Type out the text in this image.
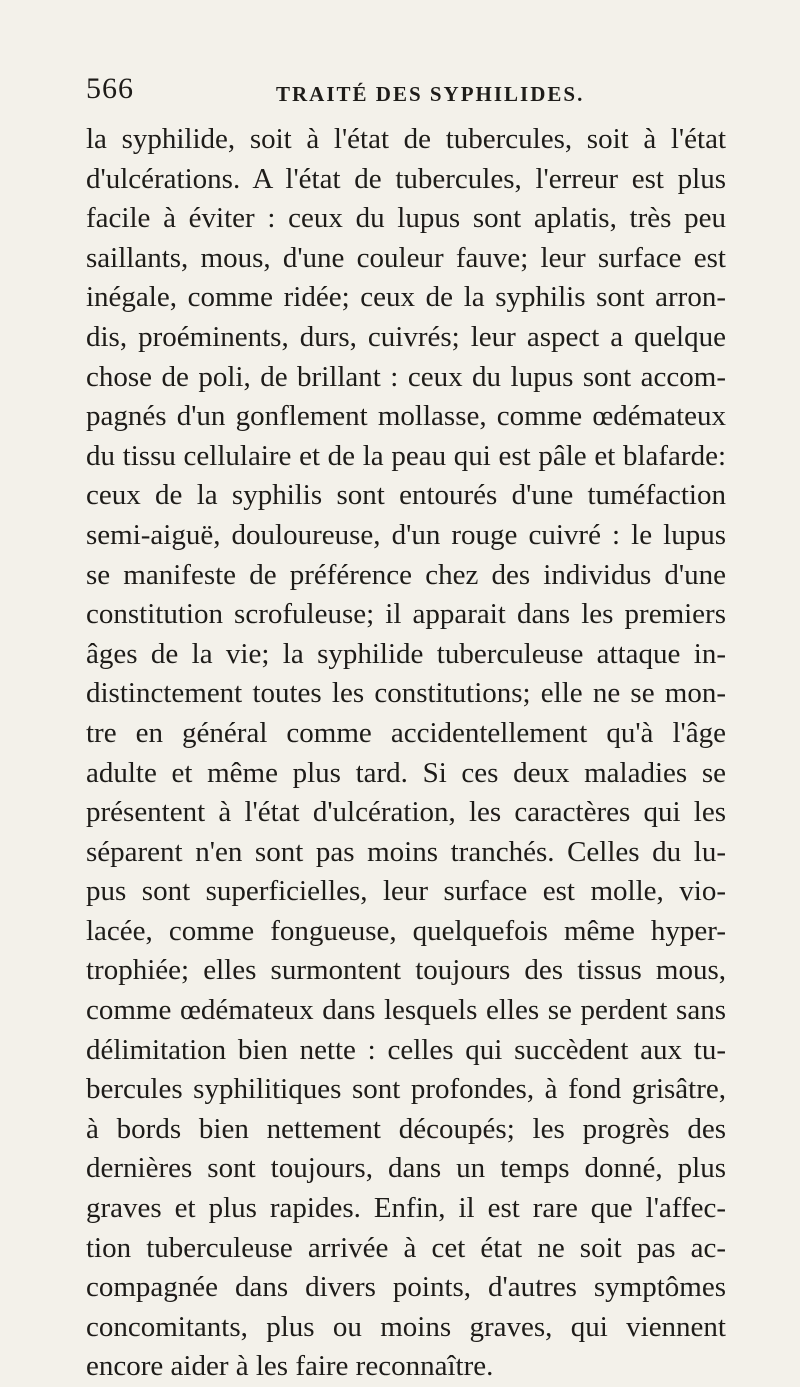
566	TRAITÉ DES SYPHILIDES.
la syphilide, soit à l'état de tubercules, soit à l'état
d'ulcérations. A l'état de tubercules, l'erreur est plus
facile à éviter : ceux du lupus sont aplatis, très peu
saillants, mous, d'une couleur fauve; leur surface est
inégale, comme ridée; ceux de la syphilis sont arron-
dis, proéminents, durs, cuivrés; leur aspect a quelque
chose de poli, de brillant : ceux du lupus sont accom-
pagnés d'un gonflement mollasse, comme œdémateux
du tissu cellulaire et de la peau qui est pâle et blafarde:
ceux de la syphilis sont entourés d'une tuméfaction
semi-aiguë, douloureuse, d'un rouge cuivré : le lupus
se manifeste de préférence chez des individus d'une
constitution scrofuleuse; il apparait dans les premiers
âges de la vie; la syphilide tuberculeuse attaque in-
distinctement toutes les constitutions; elle ne se mon-
tre en général comme accidentellement qu'à l'âge
adulte et même plus tard. Si ces deux maladies se
présentent à l'état d'ulcération, les caractères qui les
séparent n'en sont pas moins tranchés. Celles du lu-
pus sont superficielles, leur surface est molle, vio-
lacée, comme fongueuse, quelquefois même hyper-
trophiée; elles surmontent toujours des tissus mous,
comme œdémateux dans lesquels elles se perdent sans
délimitation bien nette : celles qui succèdent aux tu-
bercules syphilitiques sont profondes, à fond grisâtre,
à bords bien nettement découpés; les progrès des
dernières sont toujours, dans un temps donné, plus
graves et plus rapides. Enfin, il est rare que l'affec-
tion tuberculeuse arrivée à cet état ne soit pas ac-
compagnée dans divers points, d'autres symptômes
concomitants, plus ou moins graves, qui viennent
encore aider à les faire reconnaître.
